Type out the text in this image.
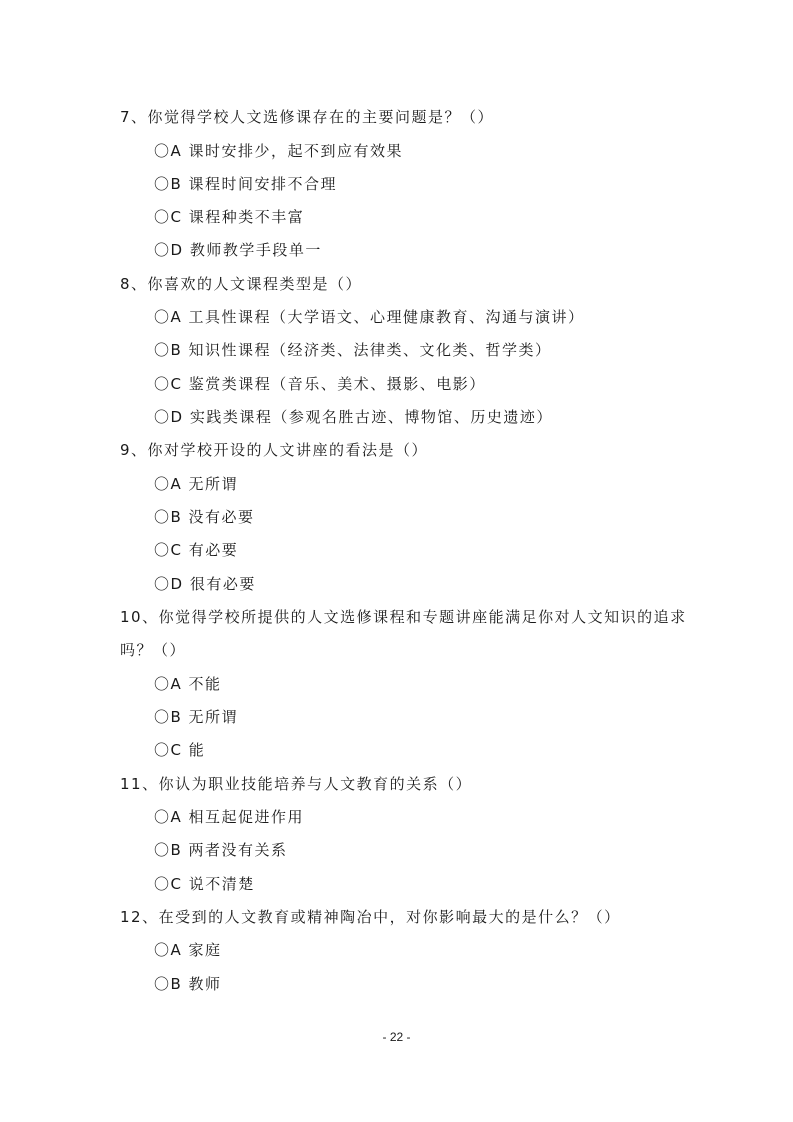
7、你觉得学校人文选修课存在的主要问题是？（）
〇A 课时安排少，起不到应有效果
〇B 课程时间安排不合理
〇C 课程种类不丰富
〇D 教师教学手段单一
8、你喜欢的人文课程类型是（）
〇A 工具性课程（大学语文、心理健康教育、沟通与演讲）
〇B 知识性课程（经济类、法律类、文化类、哲学类）
〇C 鉴赏类课程（音乐、美术、摄影、电影）
〇D 实践类课程（参观名胜古迹、博物馆、历史遗迹）
9、你对学校开设的人文讲座的看法是（）
〇A 无所谓
〇B 没有必要
〇C 有必要
〇D 很有必要
10、你觉得学校所提供的人文选修课程和专题讲座能满足你对人文知识的追求
吗？（）
〇A 不能
〇B 无所谓
〇C 能
11、你认为职业技能培养与人文教育的关系（）
〇A 相互起促进作用
〇B 两者没有关系
〇C 说不清楚
12、在受到的人文教育或精神陶冶中，对你影响最大的是什么？（）
〇A 家庭
〇B 教师
- 22 -
